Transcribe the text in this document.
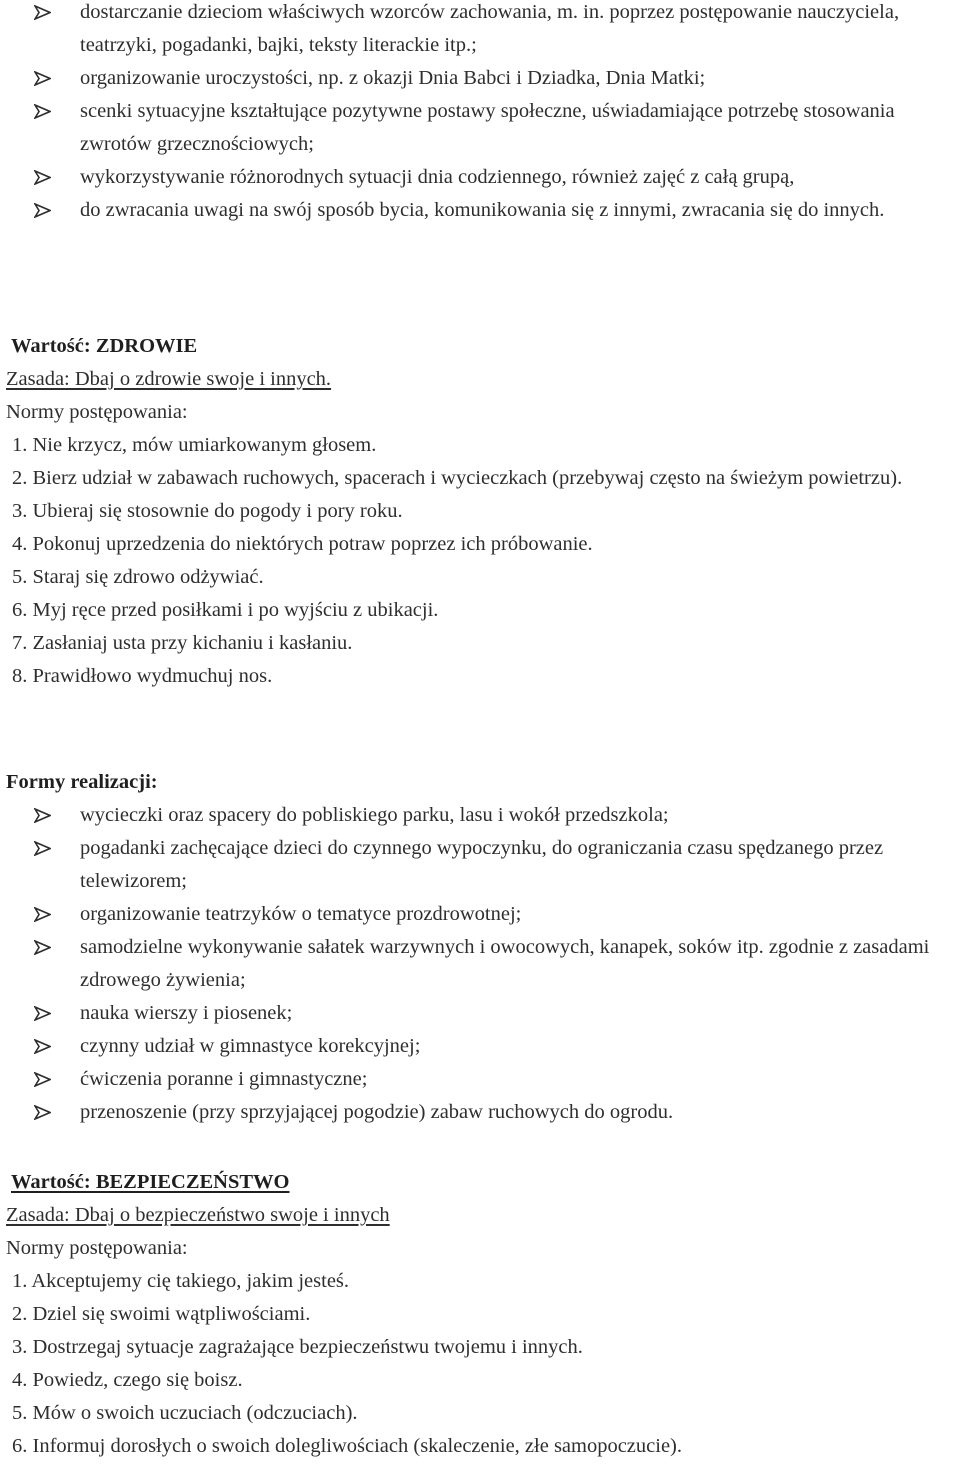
dostarczanie dzieciom właściwych wzorców zachowania, m. in. poprzez postępowanie nauczyciela, teatrzyki, pogadanki, bajki, teksty literackie itp.;
organizowanie uroczystości, np. z okazji Dnia Babci i Dziadka, Dnia Matki;
scenki sytuacyjne kształtujące pozytywne postawy społeczne, uświadamiające potrzebę stosowania zwrotów grzecznościowych;
wykorzystywanie różnorodnych sytuacji dnia codziennego, również zajęć z całą grupą,
do zwracania uwagi na swój sposób bycia, komunikowania się z innymi, zwracania się do innych.
Wartość: ZDROWIE
Zasada: Dbaj o zdrowie swoje i innych.
Normy postępowania:
1. Nie krzycz, mów umiarkowanym głosem.
2. Bierz udział w zabawach ruchowych, spacerach i wycieczkach (przebywaj często na świeżym powietrzu).
3. Ubieraj się stosownie do pogody i pory roku.
4. Pokonuj uprzedzenia do niektórych potraw poprzez ich próbowanie.
5. Staraj się zdrowo odżywiać.
6. Myj ręce przed posiłkami i po wyjściu z ubikacji.
7. Zasłaniaj usta przy kichaniu i kasłaniu.
8. Prawidłowo wydmuchuj nos.
Formy realizacji:
wycieczki oraz spacery do pobliskiego parku, lasu i wokół przedszkola;
pogadanki zachęcające dzieci do czynnego wypoczynku, do ograniczania czasu spędzanego przez telewizorem;
organizowanie teatrzyków o tematyce prozdrowotnej;
samodzielne wykonywanie sałatek warzywnych i owocowych, kanapek, soków itp. zgodnie z zasadami zdrowego żywienia;
nauka wierszy i piosenek;
czynny udział w gimnastyce korekcyjnej;
ćwiczenia poranne i gimnastyczne;
przenoszenie (przy sprzyjającej pogodzie) zabaw ruchowych do ogrodu.
Wartość: BEZPIECZEŃSTWO
Zasada: Dbaj o bezpieczeństwo swoje i innych
Normy postępowania:
1. Akceptujemy cię takiego, jakim jesteś.
2. Dziel się swoimi wątpliwościami.
3. Dostrzegaj sytuacje zagrażające bezpieczeństwu twojemu i innych.
4. Powiedz, czego się boisz.
5. Mów o swoich uczuciach (odczuciach).
6. Informuj dorosłych o swoich dolegliwościach (skaleczenie, złe samopoczucie).
